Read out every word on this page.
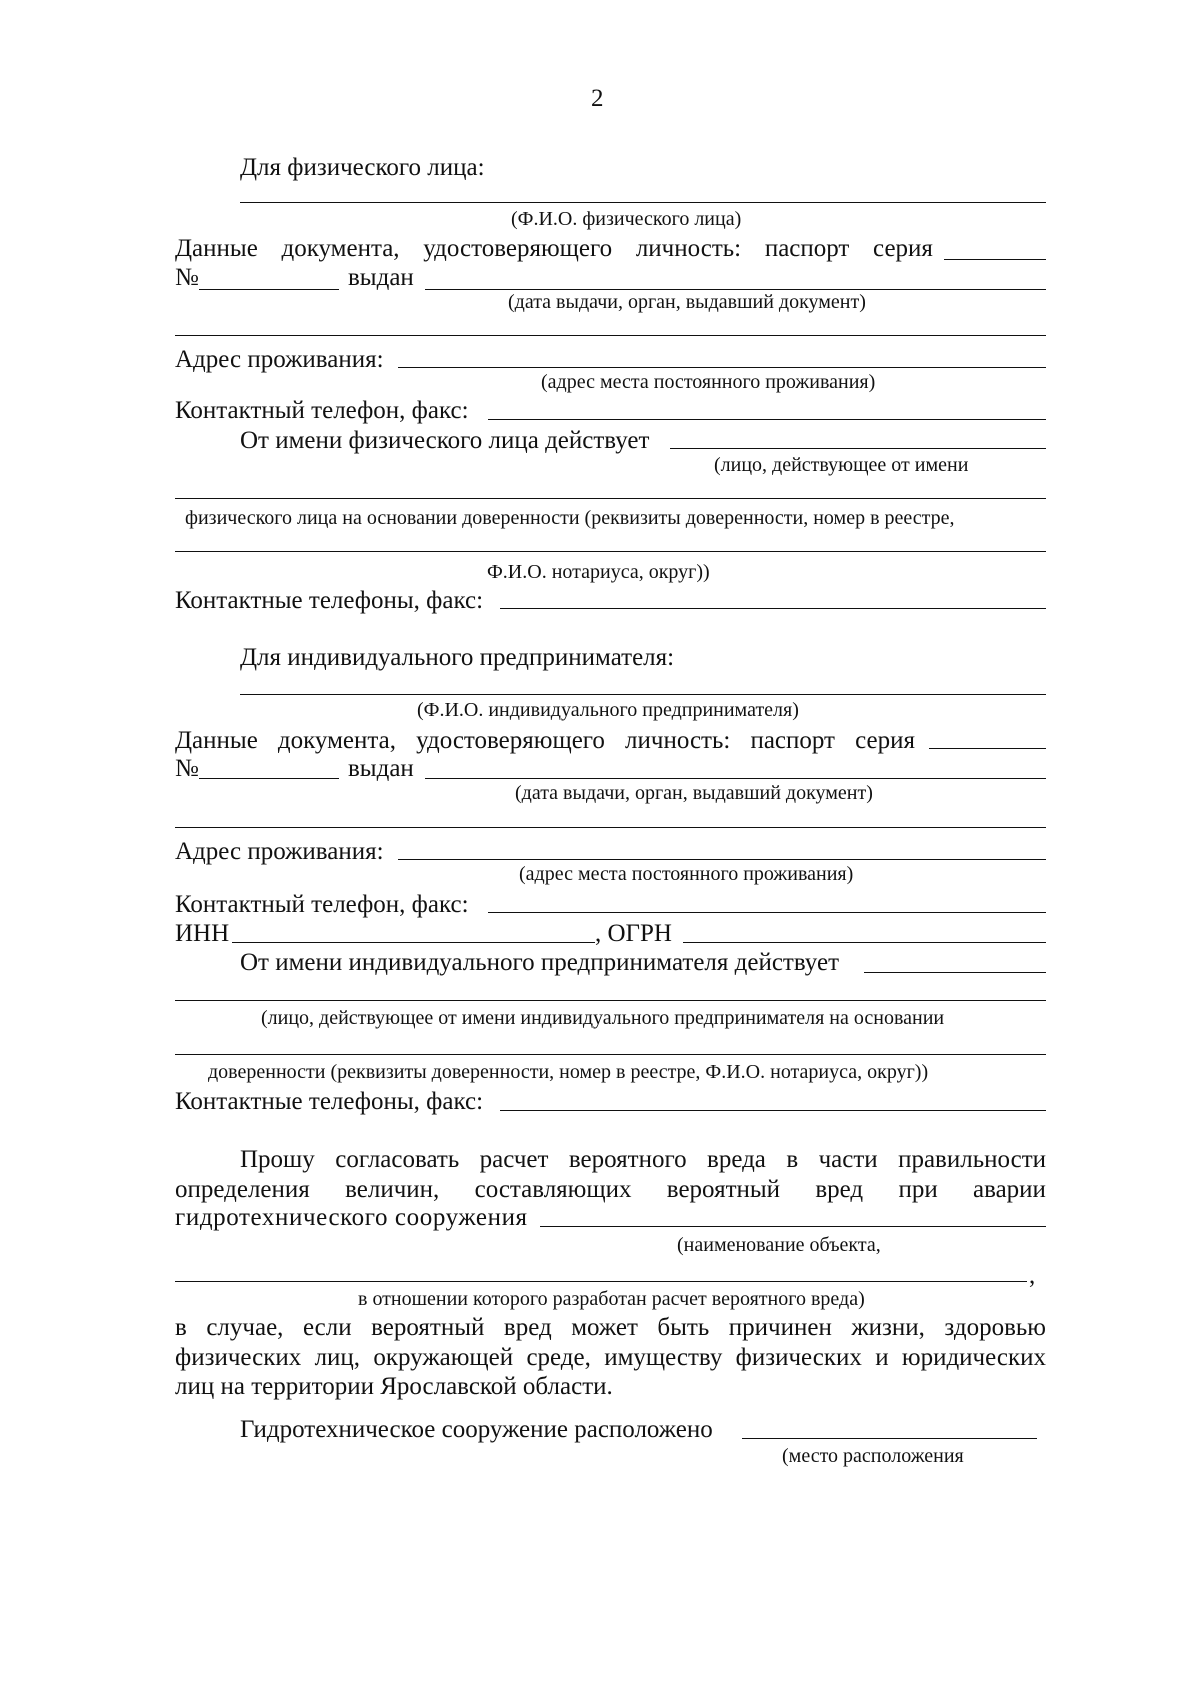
2
Для физического лица:
(Ф.И.О. физического лица)
Данные документа, удостоверяющего личность: паспорт серия
№	выдан
(дата выдачи, орган, выдавший документ)
Адрес проживания:
(адрес места постоянного проживания)
Контактный телефон, факс:
От имени физического лица действует
(лицо, действующее от имени
физического лица на основании доверенности (реквизиты доверенности, номер в реестре,
Ф.И.О. нотариуса, округ))
Контактные телефоны, факс:
Для индивидуального предпринимателя:
(Ф.И.О. индивидуального предпринимателя)
Данные документа, удостоверяющего личность: паспорт серия
№	выдан
(дата выдачи, орган, выдавший документ)
Адрес проживания:
(адрес места постоянного проживания)
Контактный телефон, факс:
ИНН	, ОГРН
От имени индивидуального предпринимателя действует
(лицо, действующее от имени индивидуального предпринимателя на основании
доверенности (реквизиты доверенности, номер в реестре, Ф.И.О. нотариуса, округ))
Контактные телефоны, факс:
Прошу согласовать расчет вероятного вреда в части правильности
определения величин, составляющих вероятный вред при аварии
гидротехнического сооружения
(наименование объекта,
,
в отношении которого разработан расчет вероятного вреда)
в случае, если вероятный вред может быть причинен жизни, здоровью
физических лиц, окружающей среде, имуществу физических и юридических
лиц на территории Ярославской области.
Гидротехническое сооружение расположено
(место расположения
